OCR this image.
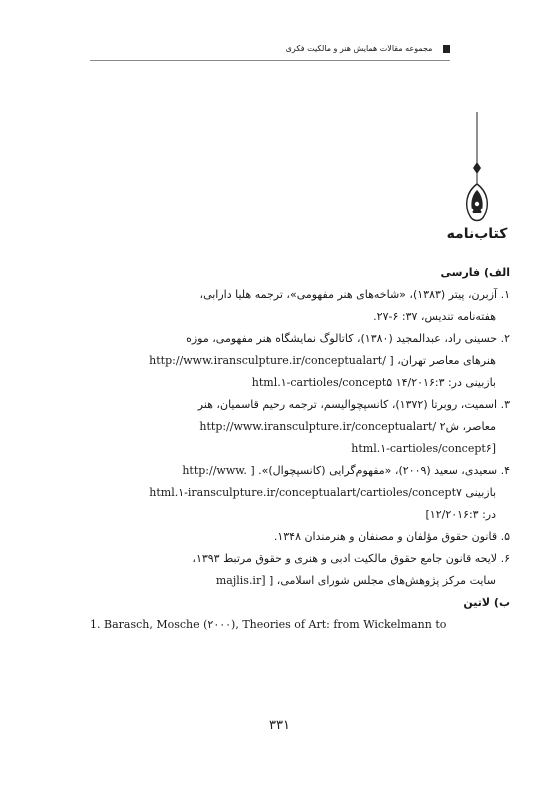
مجموعه مقالات همایش هنر و مالکیت فکری
کتاب‌نامه

الف) فارسی

۱. آزبرن، پیتر (۱۳۸۳)، «شاخه‌های هنر مفهومی»، ترجمه هلیا دارابی،
هفته‌نامه تندیس، ۳۷: ۶-۲۷.
۲. حسینی راد، عبدالمجید (۱۳۸۰)، کاتالوگ نمایشگاه هنر مفهومی، موزه
هنرهای معاصر تهران، [ http://www.iransculpture.ir/conceptualart/
بازبینی در: ۱۴/۲۰۱۶:۳ html.۱-cartioles/concept۵
۳. اسمیت، روبرتا (۱۳۷۲)، کانسپچوالیسم، ترجمه رحیم قاسمیان، هنر
معاصر، ش۲ http://www.iransculpture.ir/conceptualart/
html.۱-cartioles/concept۶]
۴. سعیدی، سعید (۲۰۰۹)، «مفهوم‌گرایی (کانسپچوال)». [ http://www.
بازبینی html.۱-iransculpture.ir/conceptualart/cartioles/concept۷
در: ۱۲/۲۰۱۶:۳]
۵. قانون حقوق مؤلفان و مصنفان و هنرمندان ۱۳۴۸.
۶. لایحه قانون جامع حقوق مالکیت ادبی و هنری و حقوق مرتبط ۱۳۹۳،
سایت مرکز پژوهش‌های مجلس شورای اسلامی، [ majlis.ir]

ب) لاتین

1. Barasch, Mosche (۲۰۰۰), Theories of Art: from Wickelmann to
۳۳۱
